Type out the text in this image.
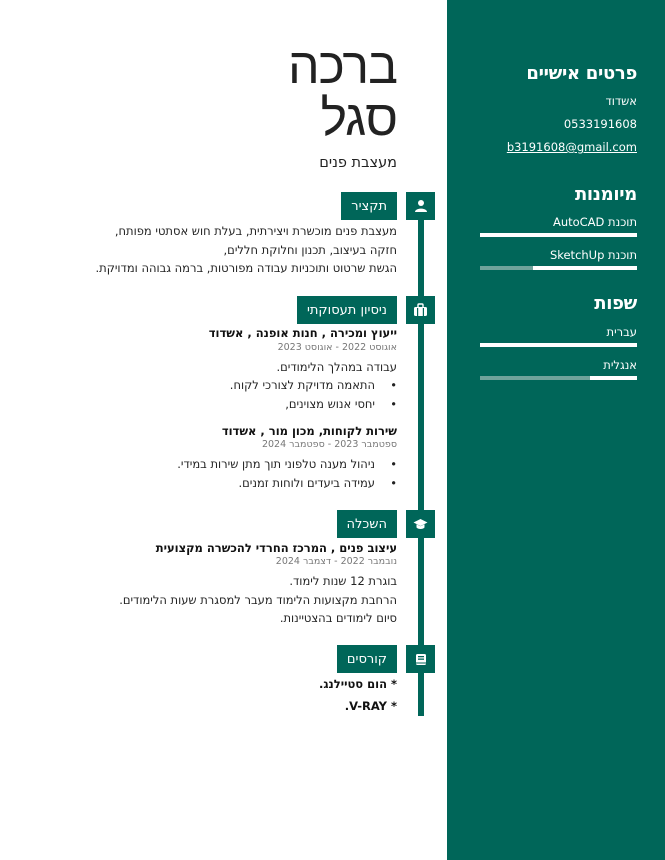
פרטים אישיים
אשדוד
0533191608
b3191608@gmail.com
מיומנות
תוכנת AutoCAD
תוכנת SketchUp
שפות
עברית
אנגלית
ברכה
סגל
מעצבת פנים
תקציר
מעצבת פנים מוכשרת ויצירתית, בעלת חוש אסתטי מפותח,
חזקה בעיצוב, תכנון וחלוקת חללים,
הגשת שרטוט ותוכניות עבודה מפורטות, ברמה גבוהה ומדויקת.
ניסיון תעסוקתי
ייעוץ ומכירה , חנות אופנה , אשדוד
אוגוסט 2022 - אוגוסט 2023
עבודה במהלך הלימודים.
•
התאמה מדויקת לצורכי לקוח.
•
יחסי אנוש מצוינים,
שירות לקוחות, מכון מור , אשדוד
ספטמבר 2023 - ספטמבר 2024
•
ניהול מענה טלפוני תוך מתן שירות במידי.
•
עמידה ביעדים ולוחות זמנים.
השכלה
עיצוב פנים , המרכז החרדי להכשרה מקצועית
נובמבר 2022 - דצמבר 2024
בוגרת 12 שנות לימוד.
הרחבת מקצועות הלימוד מעבר למסגרת שעות הלימודים.
סיום לימודים בהצטיינות.
קורסים
* הום סטיילנג.
* V-RAY.
